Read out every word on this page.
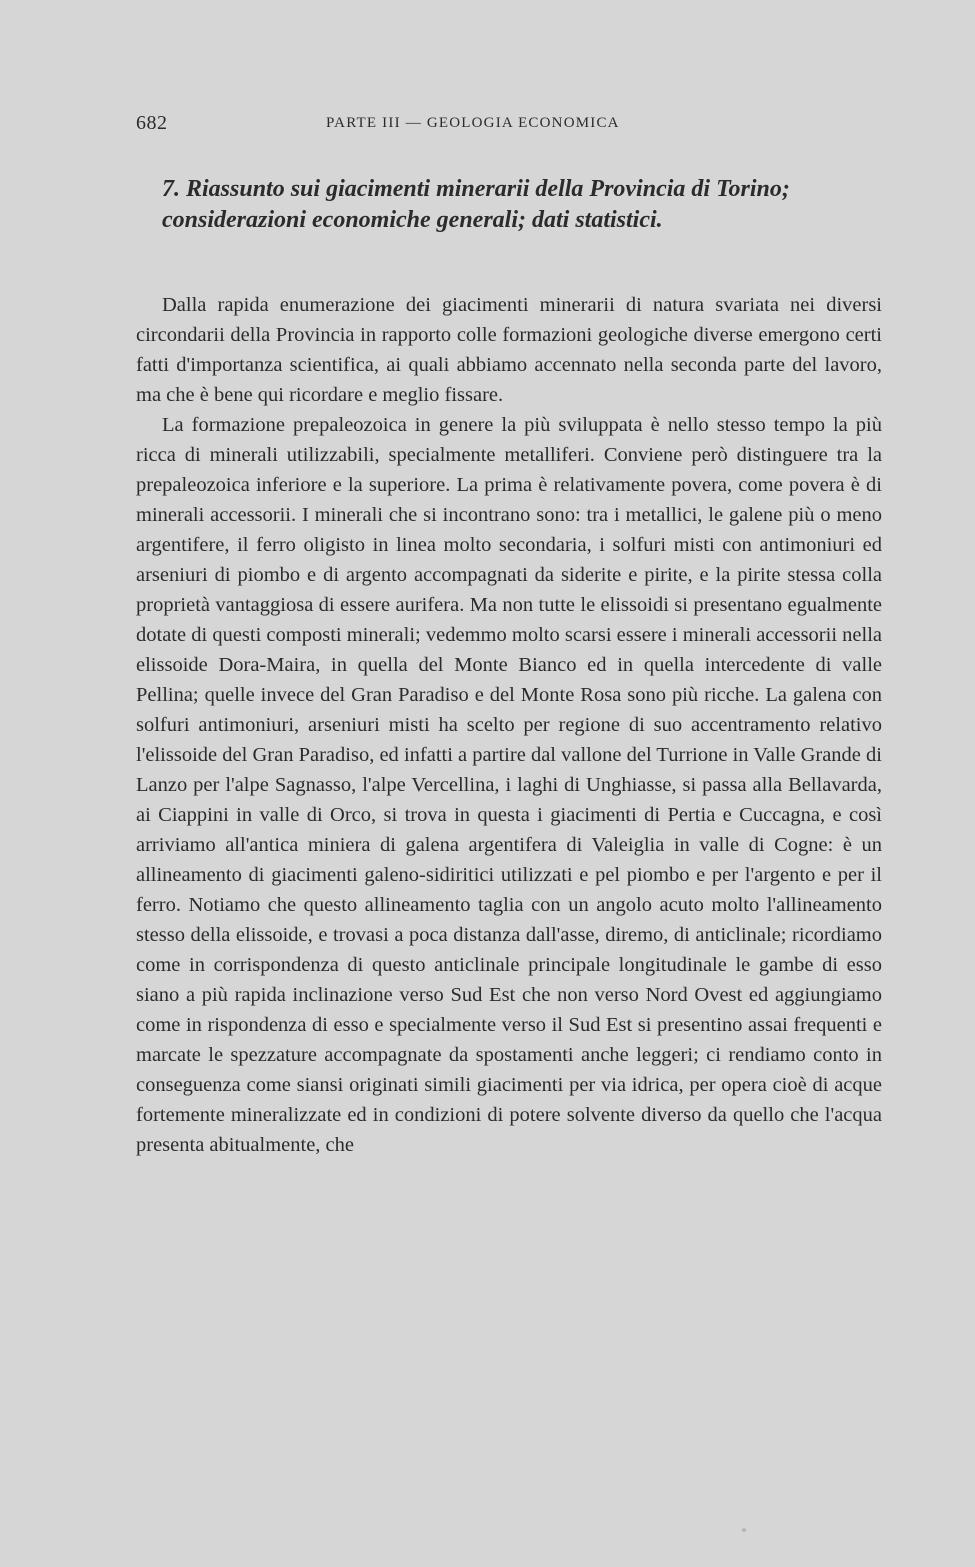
682	PARTE III — GEOLOGIA ECONOMICA
7. Riassunto sui giacimenti minerarii della Provincia di Torino; considerazioni economiche generali; dati statistici.

Dalla rapida enumerazione dei giacimenti minerarii di natura svariata nei diversi circondarii della Provincia in rapporto colle formazioni geologiche diverse emergono certi fatti d'importanza scientifica, ai quali abbiamo accennato nella seconda parte del lavoro, ma che è bene qui ricordare e meglio fissare.

La formazione prepaleozoica in genere la più sviluppata è nello stesso tempo la più ricca di minerali utilizzabili, specialmente metalliferi. Conviene però distinguere tra la prepaleozoica inferiore e la superiore. La prima è relativamente povera, come povera è di minerali accessorii. I minerali che si incontrano sono: tra i metallici, le galene più o meno argentifere, il ferro oligisto in linea molto secondaria, i solfuri misti con antimoniuri ed arseniuri di piombo e di argento accompagnati da siderite e pirite, e la pirite stessa colla proprietà vantaggiosa di essere aurifera. Ma non tutte le elissoidi si presentano egualmente dotate di questi composti minerali; vedemmo molto scarsi essere i minerali accessorii nella elissoide Dora-Maira, in quella del Monte Bianco ed in quella intercedente di valle Pellina; quelle invece del Gran Paradiso e del Monte Rosa sono più ricche. La galena con solfuri antimoniuri, arseniuri misti ha scelto per regione di suo accentramento relativo l'elissoide del Gran Paradiso, ed infatti a partire dal vallone del Turrione in Valle Grande di Lanzo per l'alpe Sagnasso, l'alpe Vercellina, i laghi di Unghiasse, si passa alla Bellavarda, ai Ciappini in valle di Orco, si trova in questa i giacimenti di Pertia e Cuccagna, e così arriviamo all'antica miniera di galena argentifera di Valeiglia in valle di Cogne: è un allineamento di giacimenti galeno-sidiritici utilizzati e pel piombo e per l'argento e per il ferro. Notiamo che questo allineamento taglia con un angolo acuto molto l'allineamento stesso della elissoide, e trovasi a poca distanza dall'asse, diremo, di anticlinale; ricordiamo come in corrispondenza di questo anticlinale principale longitudinale le gambe di esso siano a più rapida inclinazione verso Sud Est che non verso Nord Ovest ed aggiungiamo come in rispondenza di esso e specialmente verso il Sud Est si presentino assai frequenti e marcate le spezzature accompagnate da spostamenti anche leggeri; ci rendiamo conto in conseguenza come siansi originati simili giacimenti per via idrica, per opera cioè di acque fortemente mineralizzate ed in condizioni di potere solvente diverso da quello che l'acqua presenta abitualmente, che
